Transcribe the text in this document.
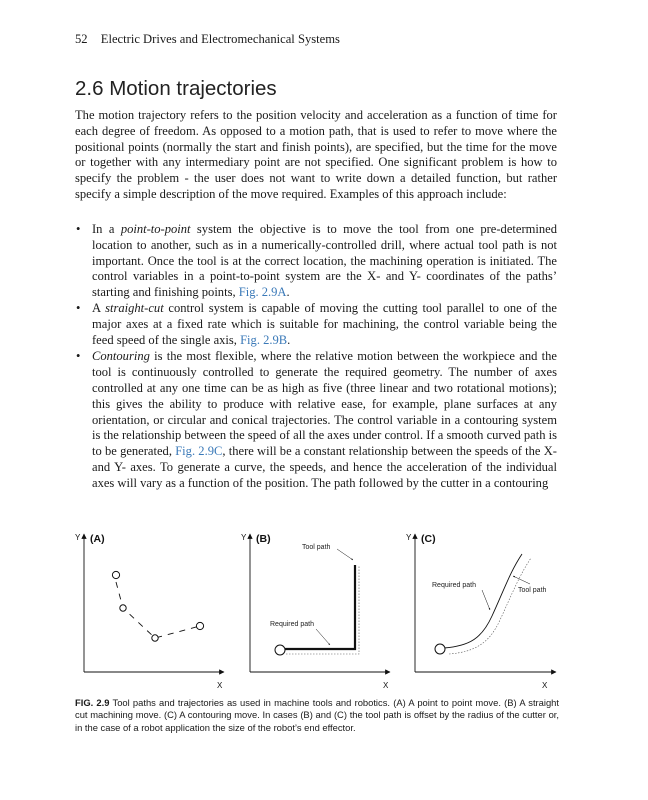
52 Electric Drives and Electromechanical Systems
2.6 Motion trajectories

The motion trajectory refers to the position velocity and acceleration as a function of time for each degree of freedom. As opposed to a motion path, that is used to refer to move where the positional points (normally the start and finish points), are specified, but the time for the move or together with any intermediary point are not specified. One significant problem is how to specify the problem - the user does not want to write down a detailed function, but rather specify a simple description of the move required. Examples of this approach include:

• In a point-to-point system the objective is to move the tool from one pre-determined location to another, such as in a numerically-controlled drill, where actual tool path is not important. Once the tool is at the correct location, the machining operation is initiated. The control variables in a point-to-point system are the X- and Y- coordinates of the paths’ starting and finishing points, Fig. 2.9A.
• A straight-cut control system is capable of moving the cutting tool parallel to one of the major axes at a fixed rate which is suitable for machining, the control variable being the feed speed of the single axis, Fig. 2.9B.
• Contouring is the most flexible, where the relative motion between the workpiece and the tool is continuously controlled to generate the required geometry. The number of axes controlled at any one time can be as high as five (three linear and two rotational motions); this gives the ability to produce with relative ease, for example, plane surfaces at any orientation, or circular and conical trajectories. The control variable in a contouring system is the relationship between the speed of all the axes under control. If a smooth curved path is to be generated, Fig. 2.9C, there will be a constant relationship between the speeds of the X- and Y- axes. To generate a curve, the speeds, and hence the acceleration of the individual axes will vary as a function of the position. The path followed by the cutter in a contouring
Y
X
(A)	Y
X
(B)
Tool path
Required path
Y
X
(C)
Required path
Tool path

FIG. 2.9 Tool paths and trajectories as used in machine tools and robotics. (A) A point to point move. (B) A straight cut machining move. (C) A contouring move. In cases (B) and (C) the tool path is offset by the radius of the cutter or, in the case of a robot application the size of the robot’s end effector.
